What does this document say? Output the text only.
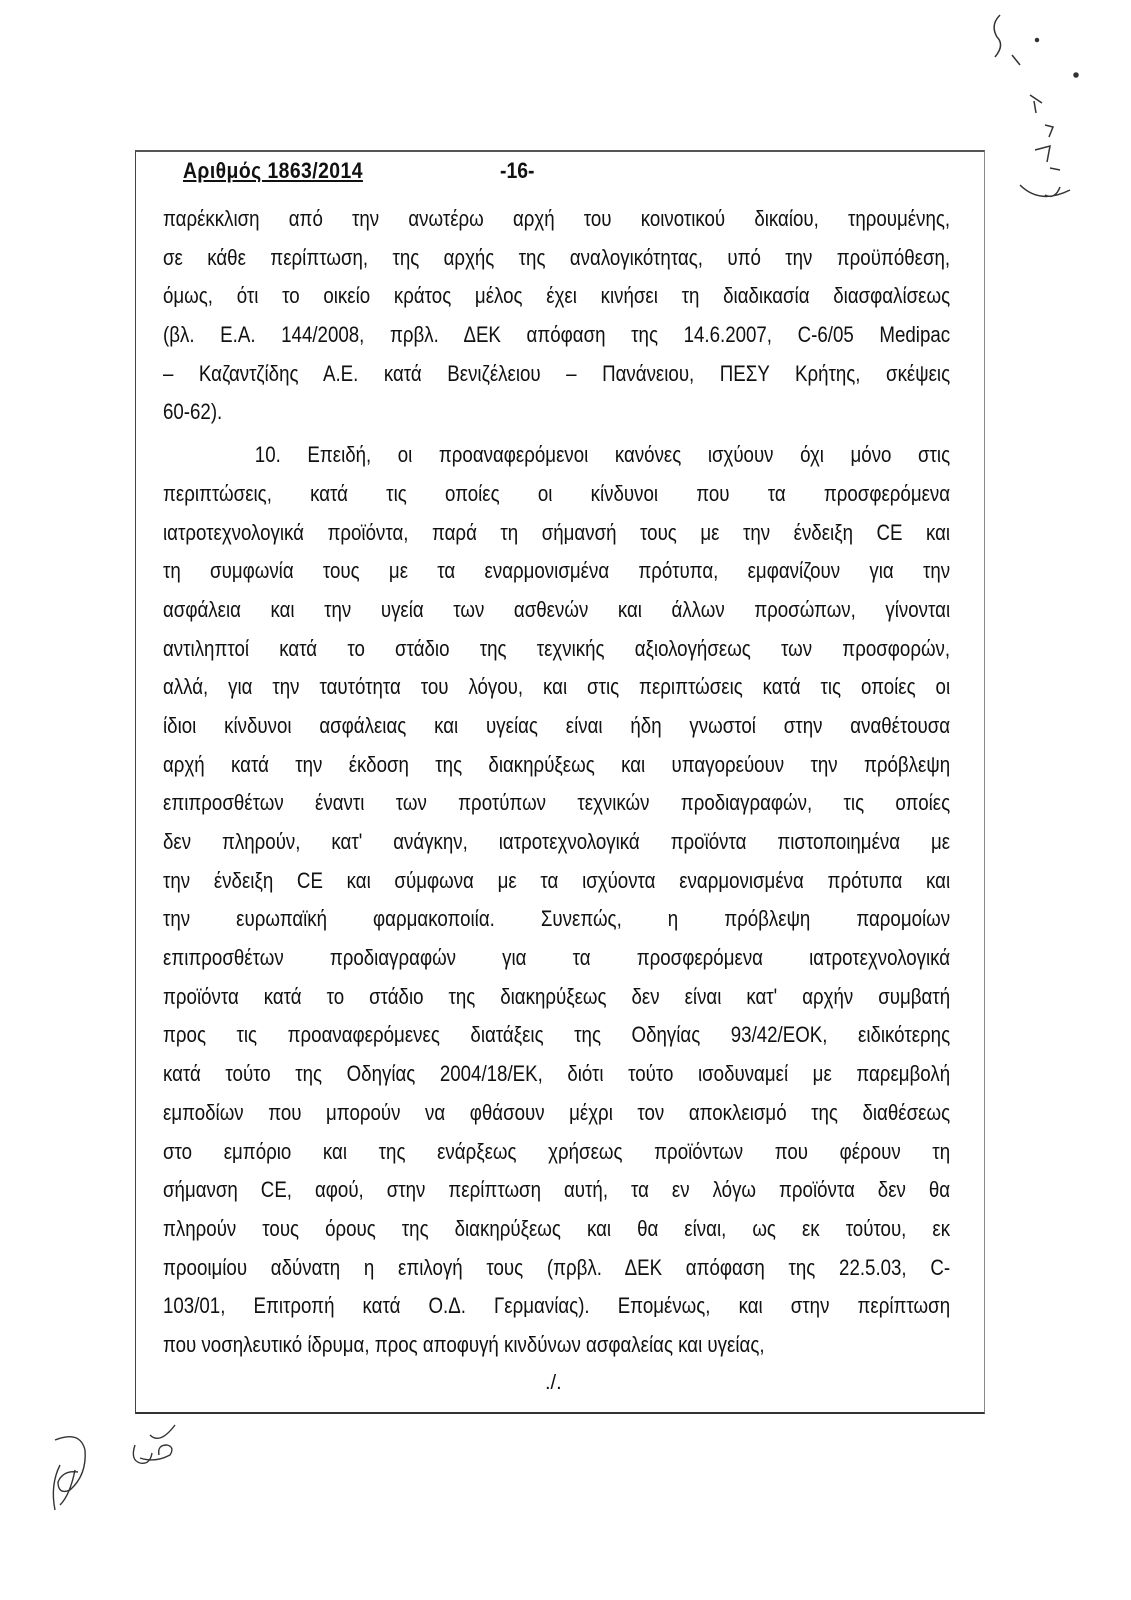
Αριθμός 1863/2014	-16-
παρέκκλιση από την ανωτέρω αρχή του κοινοτικού δικαίου, τηρουμένης,
σε κάθε περίπτωση, της αρχής της αναλογικότητας, υπό την προϋπόθεση,
όμως, ότι το οικείο κράτος μέλος έχει κινήσει τη διαδικασία διασφαλίσεως
(βλ. Ε.Α. 144/2008, πρβλ. ΔΕΚ απόφαση της 14.6.2007, C-6/05 Medipac
– Καζαντζίδης Α.Ε. κατά Βενιζέλειου – Πανάνειου, ΠΕΣΥ Κρήτης, σκέψεις
60-62).
10. Επειδή, οι προαναφερόμενοι κανόνες ισχύουν όχι μόνο στις
περιπτώσεις, κατά τις οποίες οι κίνδυνοι που τα προσφερόμενα
ιατροτεχνολογικά προϊόντα, παρά τη σήμανσή τους με την ένδειξη CE και
τη συμφωνία τους με τα εναρμονισμένα πρότυπα, εμφανίζουν για την
ασφάλεια και την υγεία των ασθενών και άλλων προσώπων, γίνονται
αντιληπτοί κατά το στάδιο της τεχνικής αξιολογήσεως των προσφορών,
αλλά, για την ταυτότητα του λόγου, και στις περιπτώσεις κατά τις οποίες οι
ίδιοι κίνδυνοι ασφάλειας και υγείας είναι ήδη γνωστοί στην αναθέτουσα
αρχή κατά την έκδοση της διακηρύξεως και υπαγορεύουν την πρόβλεψη
επιπροσθέτων έναντι των προτύπων τεχνικών προδιαγραφών, τις οποίες
δεν πληρούν, κατ' ανάγκην, ιατροτεχνολογικά προϊόντα πιστοποιημένα με
την ένδειξη CE και σύμφωνα με τα ισχύοντα εναρμονισμένα πρότυπα και
την ευρωπαϊκή φαρμακοποιία. Συνεπώς, η πρόβλεψη παρομοίων
επιπροσθέτων προδιαγραφών για τα προσφερόμενα ιατροτεχνολογικά
προϊόντα κατά το στάδιο της διακηρύξεως δεν είναι κατ' αρχήν συμβατή
προς τις προαναφερόμενες διατάξεις της Οδηγίας 93/42/ΕΟΚ, ειδικότερης
κατά τούτο της Οδηγίας 2004/18/ΕΚ, διότι τούτο ισοδυναμεί με παρεμβολή
εμποδίων που μπορούν να φθάσουν μέχρι τον αποκλεισμό της διαθέσεως
στο εμπόριο και της ενάρξεως χρήσεως προϊόντων που φέρουν τη
σήμανση CE, αφού, στην περίπτωση αυτή, τα εν λόγω προϊόντα δεν θα
πληρούν τους όρους της διακηρύξεως και θα είναι, ως εκ τούτου, εκ
προοιμίου αδύνατη η επιλογή τους (πρβλ. ΔΕΚ απόφαση της 22.5.03, C-
103/01, Επιτροπή κατά Ο.Δ. Γερμανίας). Επομένως, και στην περίπτωση
που νοσηλευτικό ίδρυμα, προς αποφυγή κινδύνων ασφαλείας και υγείας,
./.
